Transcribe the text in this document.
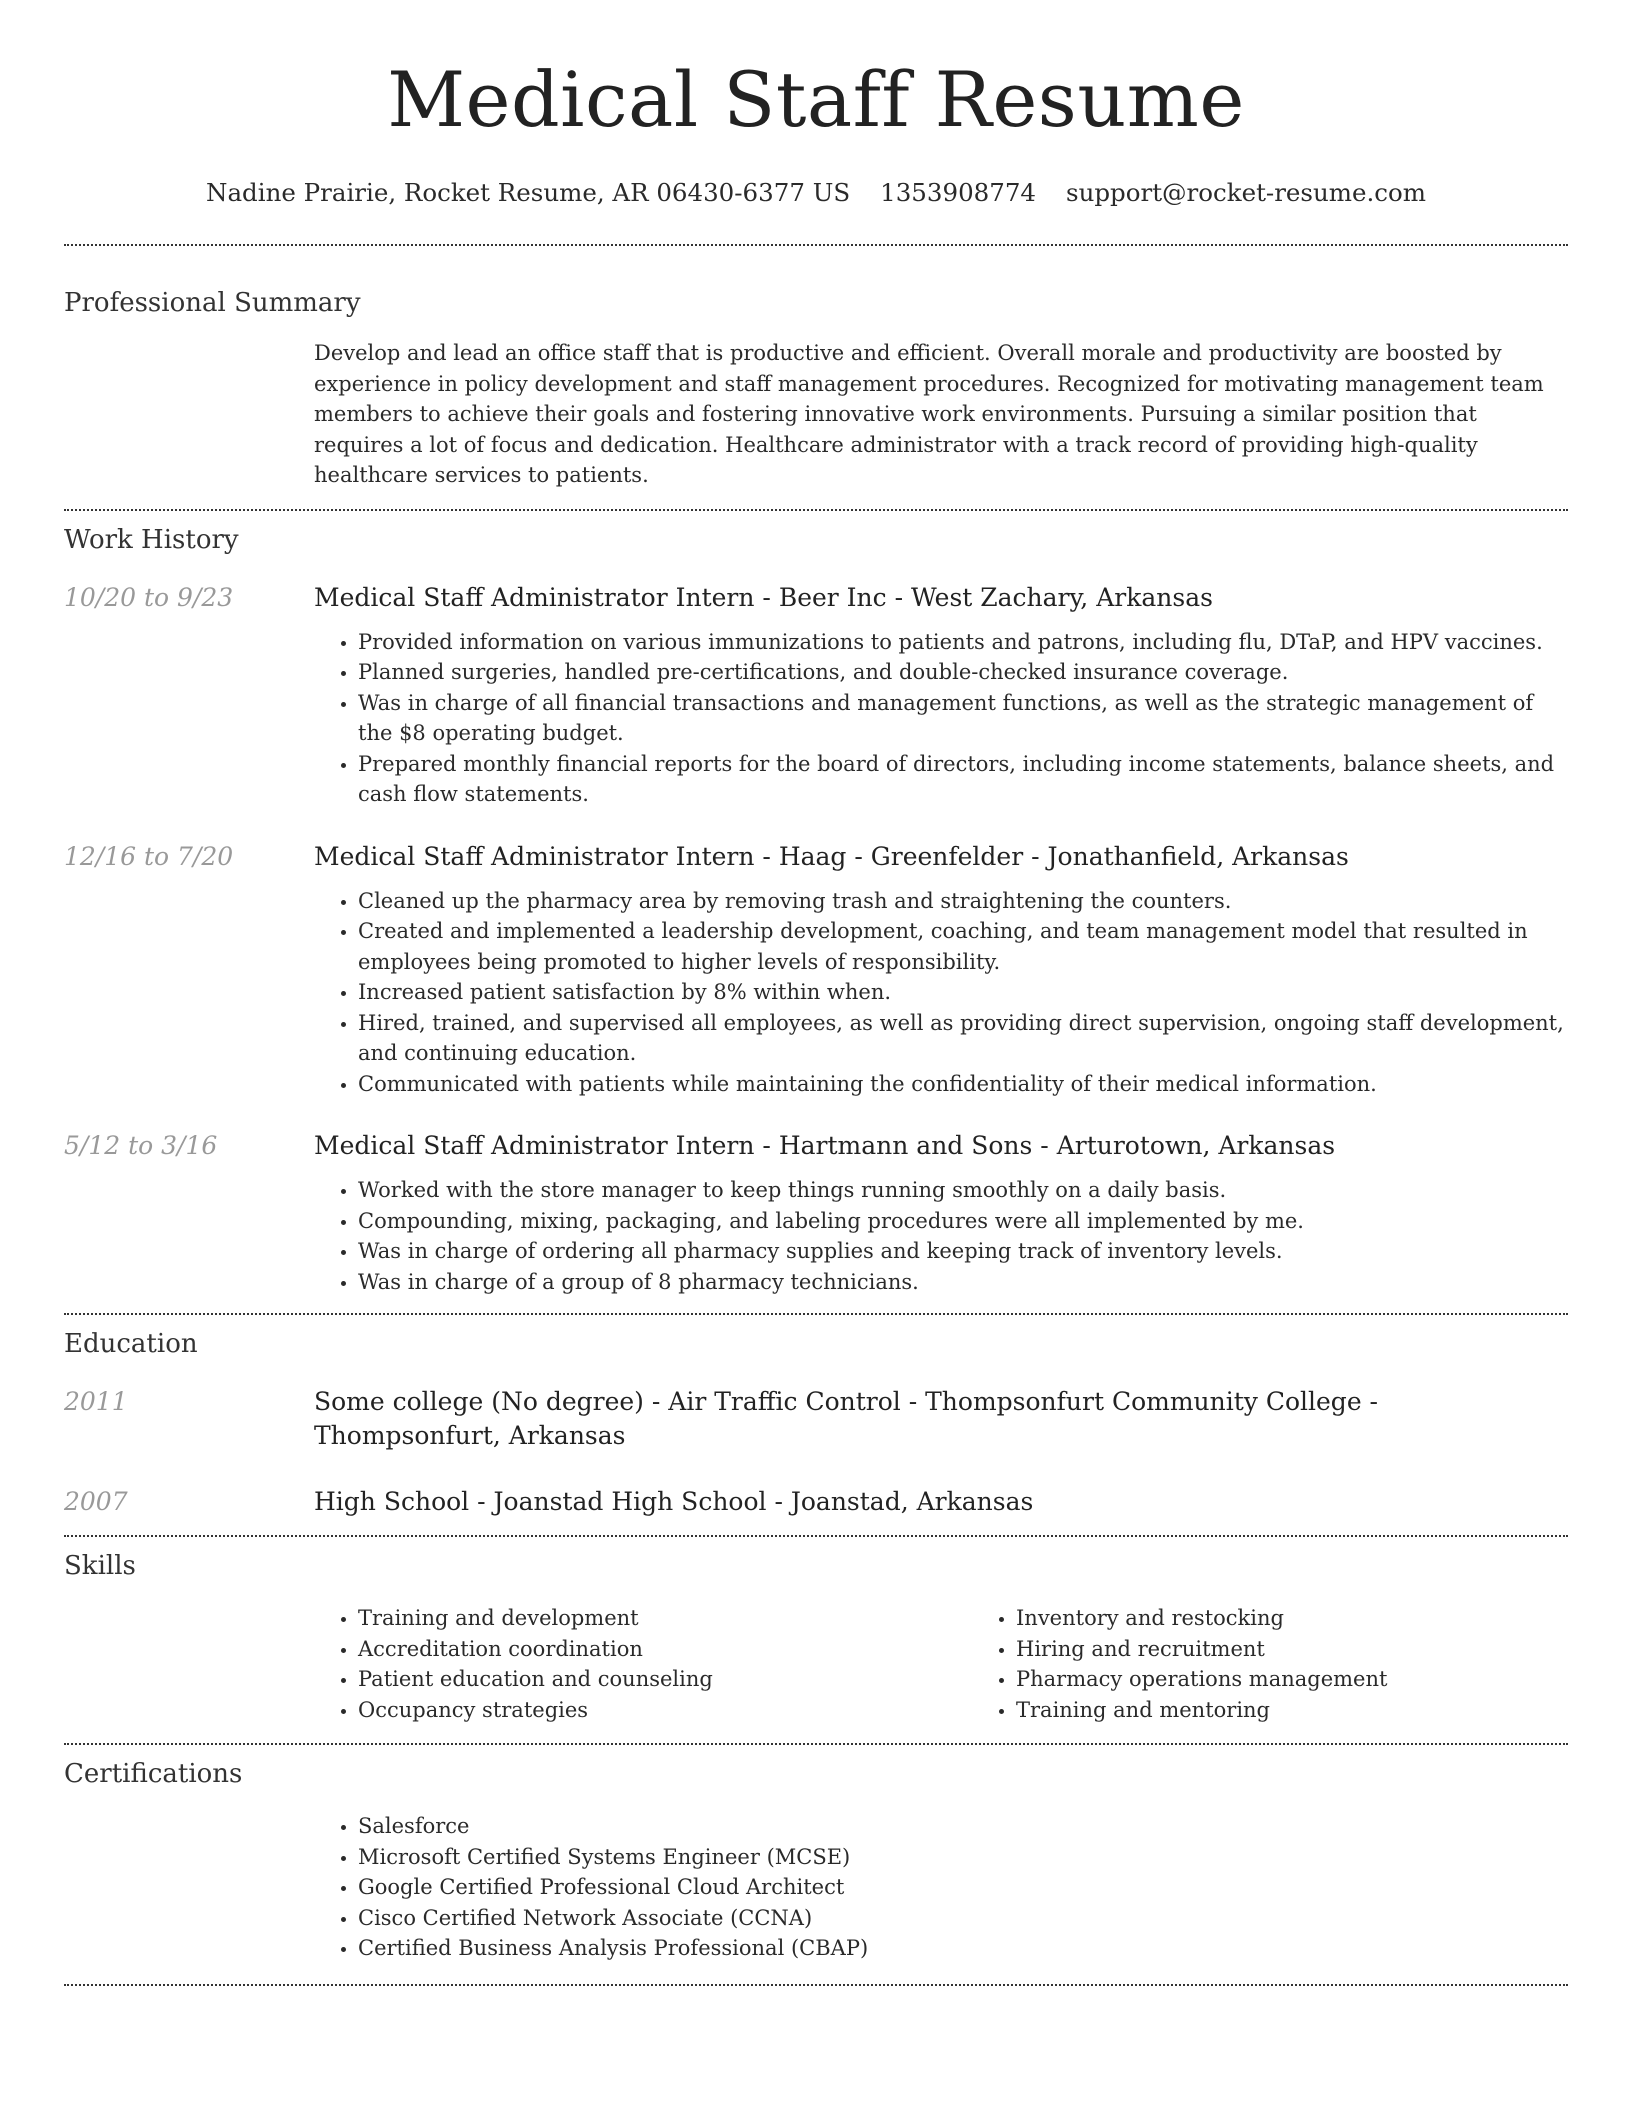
Medical Staff Resume
Nadine Prairie, Rocket Resume, AR 06430-6377 US 1353908774 support@rocket-resume.com
Professional Summary

Develop and lead an office staff that is productive and efficient. Overall morale and productivity are boosted by experience in policy development and staff management procedures. Recognized for motivating management team members to achieve their goals and fostering innovative work environments. Pursuing a similar position that requires a lot of focus and dedication. Healthcare administrator with a track record of providing high-quality healthcare services to patients.

Work History
10/20 to 9/23	Medical Staff Administrator Intern - Beer Inc - West Zachary, Arkansas
• Provided information on various immunizations to patients and patrons, including flu, DTaP, and HPV vaccines.
• Planned surgeries, handled pre-certifications, and double-checked insurance coverage.
• Was in charge of all financial transactions and management functions, as well as the strategic management of the $8 operating budget.
• Prepared monthly financial reports for the board of directors, including income statements, balance sheets, and cash flow statements.
12/16 to 7/20	Medical Staff Administrator Intern - Haag - Greenfelder - Jonathanfield, Arkansas
• Cleaned up the pharmacy area by removing trash and straightening the counters.
• Created and implemented a leadership development, coaching, and team management model that resulted in employees being promoted to higher levels of responsibility.
• Increased patient satisfaction by 8% within when.
• Hired, trained, and supervised all employees, as well as providing direct supervision, ongoing staff development, and continuing education.
• Communicated with patients while maintaining the confidentiality of their medical information.
5/12 to 3/16	Medical Staff Administrator Intern - Hartmann and Sons - Arturotown, Arkansas
• Worked with the store manager to keep things running smoothly on a daily basis.
• Compounding, mixing, packaging, and labeling procedures were all implemented by me.
• Was in charge of ordering all pharmacy supplies and keeping track of inventory levels.
• Was in charge of a group of 8 pharmacy technicians.
Education
2011	Some college (No degree) - Air Traffic Control - Thompsonfurt Community College - Thompsonfurt, Arkansas
2007	High School - Joanstad High School - Joanstad, Arkansas
Skills
• Training and development
• Accreditation coordination
• Patient education and counseling
• Occupancy strategies
• Inventory and restocking
• Hiring and recruitment
• Pharmacy operations management
• Training and mentoring
Certifications
• Salesforce
• Microsoft Certified Systems Engineer (MCSE)
• Google Certified Professional Cloud Architect
• Cisco Certified Network Associate (CCNA)
• Certified Business Analysis Professional (CBAP)
